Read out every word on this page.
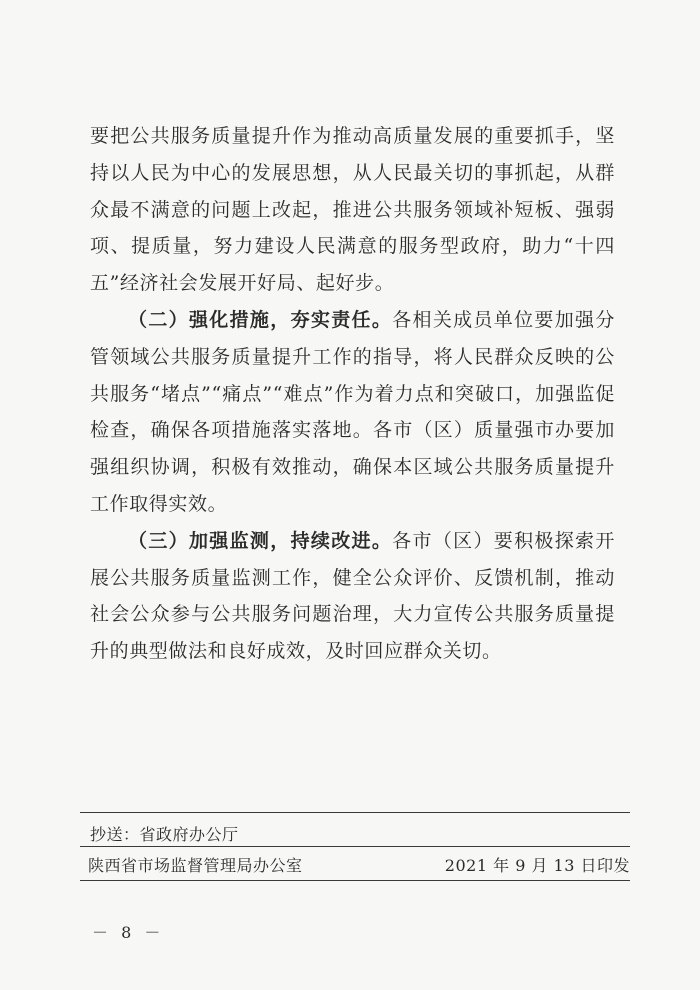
要把公共服务质量提升作为推动高质量发展的重要抓手，坚持以人民为中心的发展思想，从人民最关切的事抓起，从群众最不满意的问题上改起，推进公共服务领域补短板、强弱项、提质量，努力建设人民满意的服务型政府，助力“十四五”经济社会发展开好局、起好步。

（二）强化措施，夯实责任。各相关成员单位要加强分管领域公共服务质量提升工作的指导，将人民群众反映的公共服务“堵点”“痛点”“难点”作为着力点和突破口，加强监促检查，确保各项措施落实落地。各市（区）质量强市办要加强组织协调，积极有效推动，确保本区域公共服务质量提升工作取得实效。

（三）加强监测，持续改进。各市（区）要积极探索开展公共服务质量监测工作，健全公众评价、反馈机制，推动社会公众参与公共服务问题治理，大力宣传公共服务质量提升的典型做法和良好成效，及时回应群众关切。

抄送：省政府办公厅
陕西省市场监督管理局办公室	2021 年 9 月 13 日印发
－ 8 －
